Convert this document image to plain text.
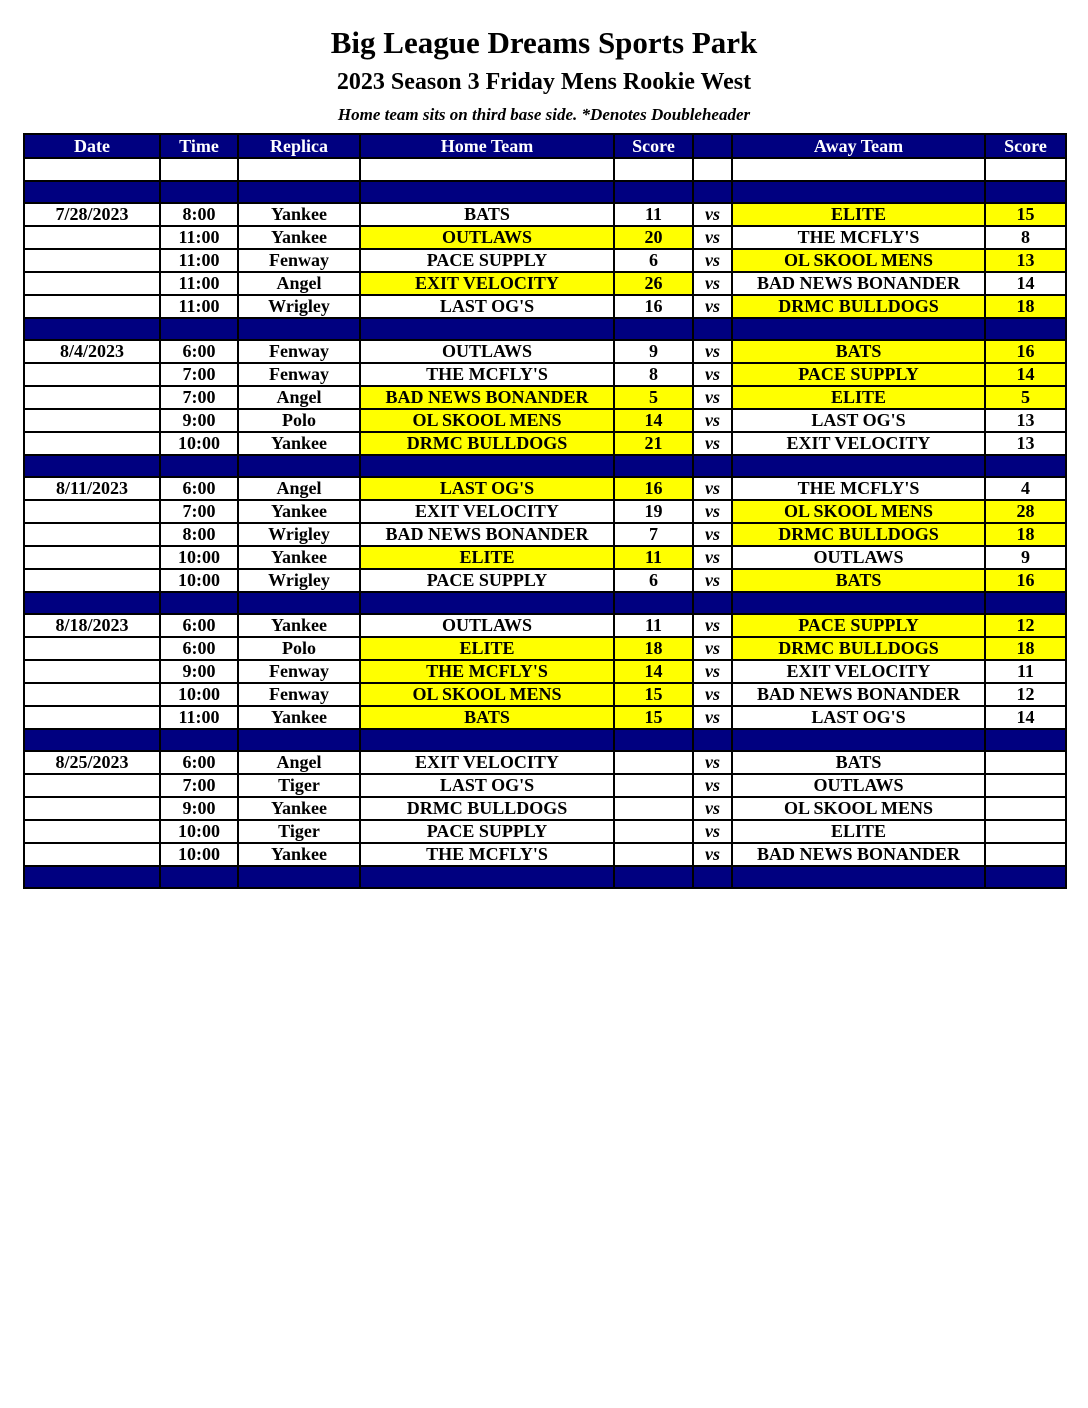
Big League Dreams Sports Park
2023 Season 3 Friday Mens Rookie West
Home team sits on third base side. *Denotes Doubleheader
Date	Time	Replica	Home Team	Score		Away Team	Score

7/28/2023	8:00	Yankee	BATS	11	vs	ELITE	15
	11:00	Yankee	OUTLAWS	20	vs	THE MCFLY'S	8
	11:00	Fenway	PACE SUPPLY	6	vs	OL SKOOL MENS	13
	11:00	Angel	EXIT VELOCITY	26	vs	BAD NEWS BONANDER	14
	11:00	Wrigley	LAST OG'S	16	vs	DRMC BULLDOGS	18

8/4/2023	6:00	Fenway	OUTLAWS	9	vs	BATS	16
	7:00	Fenway	THE MCFLY'S	8	vs	PACE SUPPLY	14
	7:00	Angel	BAD NEWS BONANDER	5	vs	ELITE	5
	9:00	Polo	OL SKOOL MENS	14	vs	LAST OG'S	13
	10:00	Yankee	DRMC BULLDOGS	21	vs	EXIT VELOCITY	13

8/11/2023	6:00	Angel	LAST OG'S	16	vs	THE MCFLY'S	4
	7:00	Yankee	EXIT VELOCITY	19	vs	OL SKOOL MENS	28
	8:00	Wrigley	BAD NEWS BONANDER	7	vs	DRMC BULLDOGS	18
	10:00	Yankee	ELITE	11	vs	OUTLAWS	9
	10:00	Wrigley	PACE SUPPLY	6	vs	BATS	16

8/18/2023	6:00	Yankee	OUTLAWS	11	vs	PACE SUPPLY	12
	6:00	Polo	ELITE	18	vs	DRMC BULLDOGS	18
	9:00	Fenway	THE MCFLY'S	14	vs	EXIT VELOCITY	11
	10:00	Fenway	OL SKOOL MENS	15	vs	BAD NEWS BONANDER	12
	11:00	Yankee	BATS	15	vs	LAST OG'S	14

8/25/2023	6:00	Angel	EXIT VELOCITY		vs	BATS	
	7:00	Tiger	LAST OG'S		vs	OUTLAWS	
	9:00	Yankee	DRMC BULLDOGS		vs	OL SKOOL MENS	
	10:00	Tiger	PACE SUPPLY		vs	ELITE	
	10:00	Yankee	THE MCFLY'S		vs	BAD NEWS BONANDER	
